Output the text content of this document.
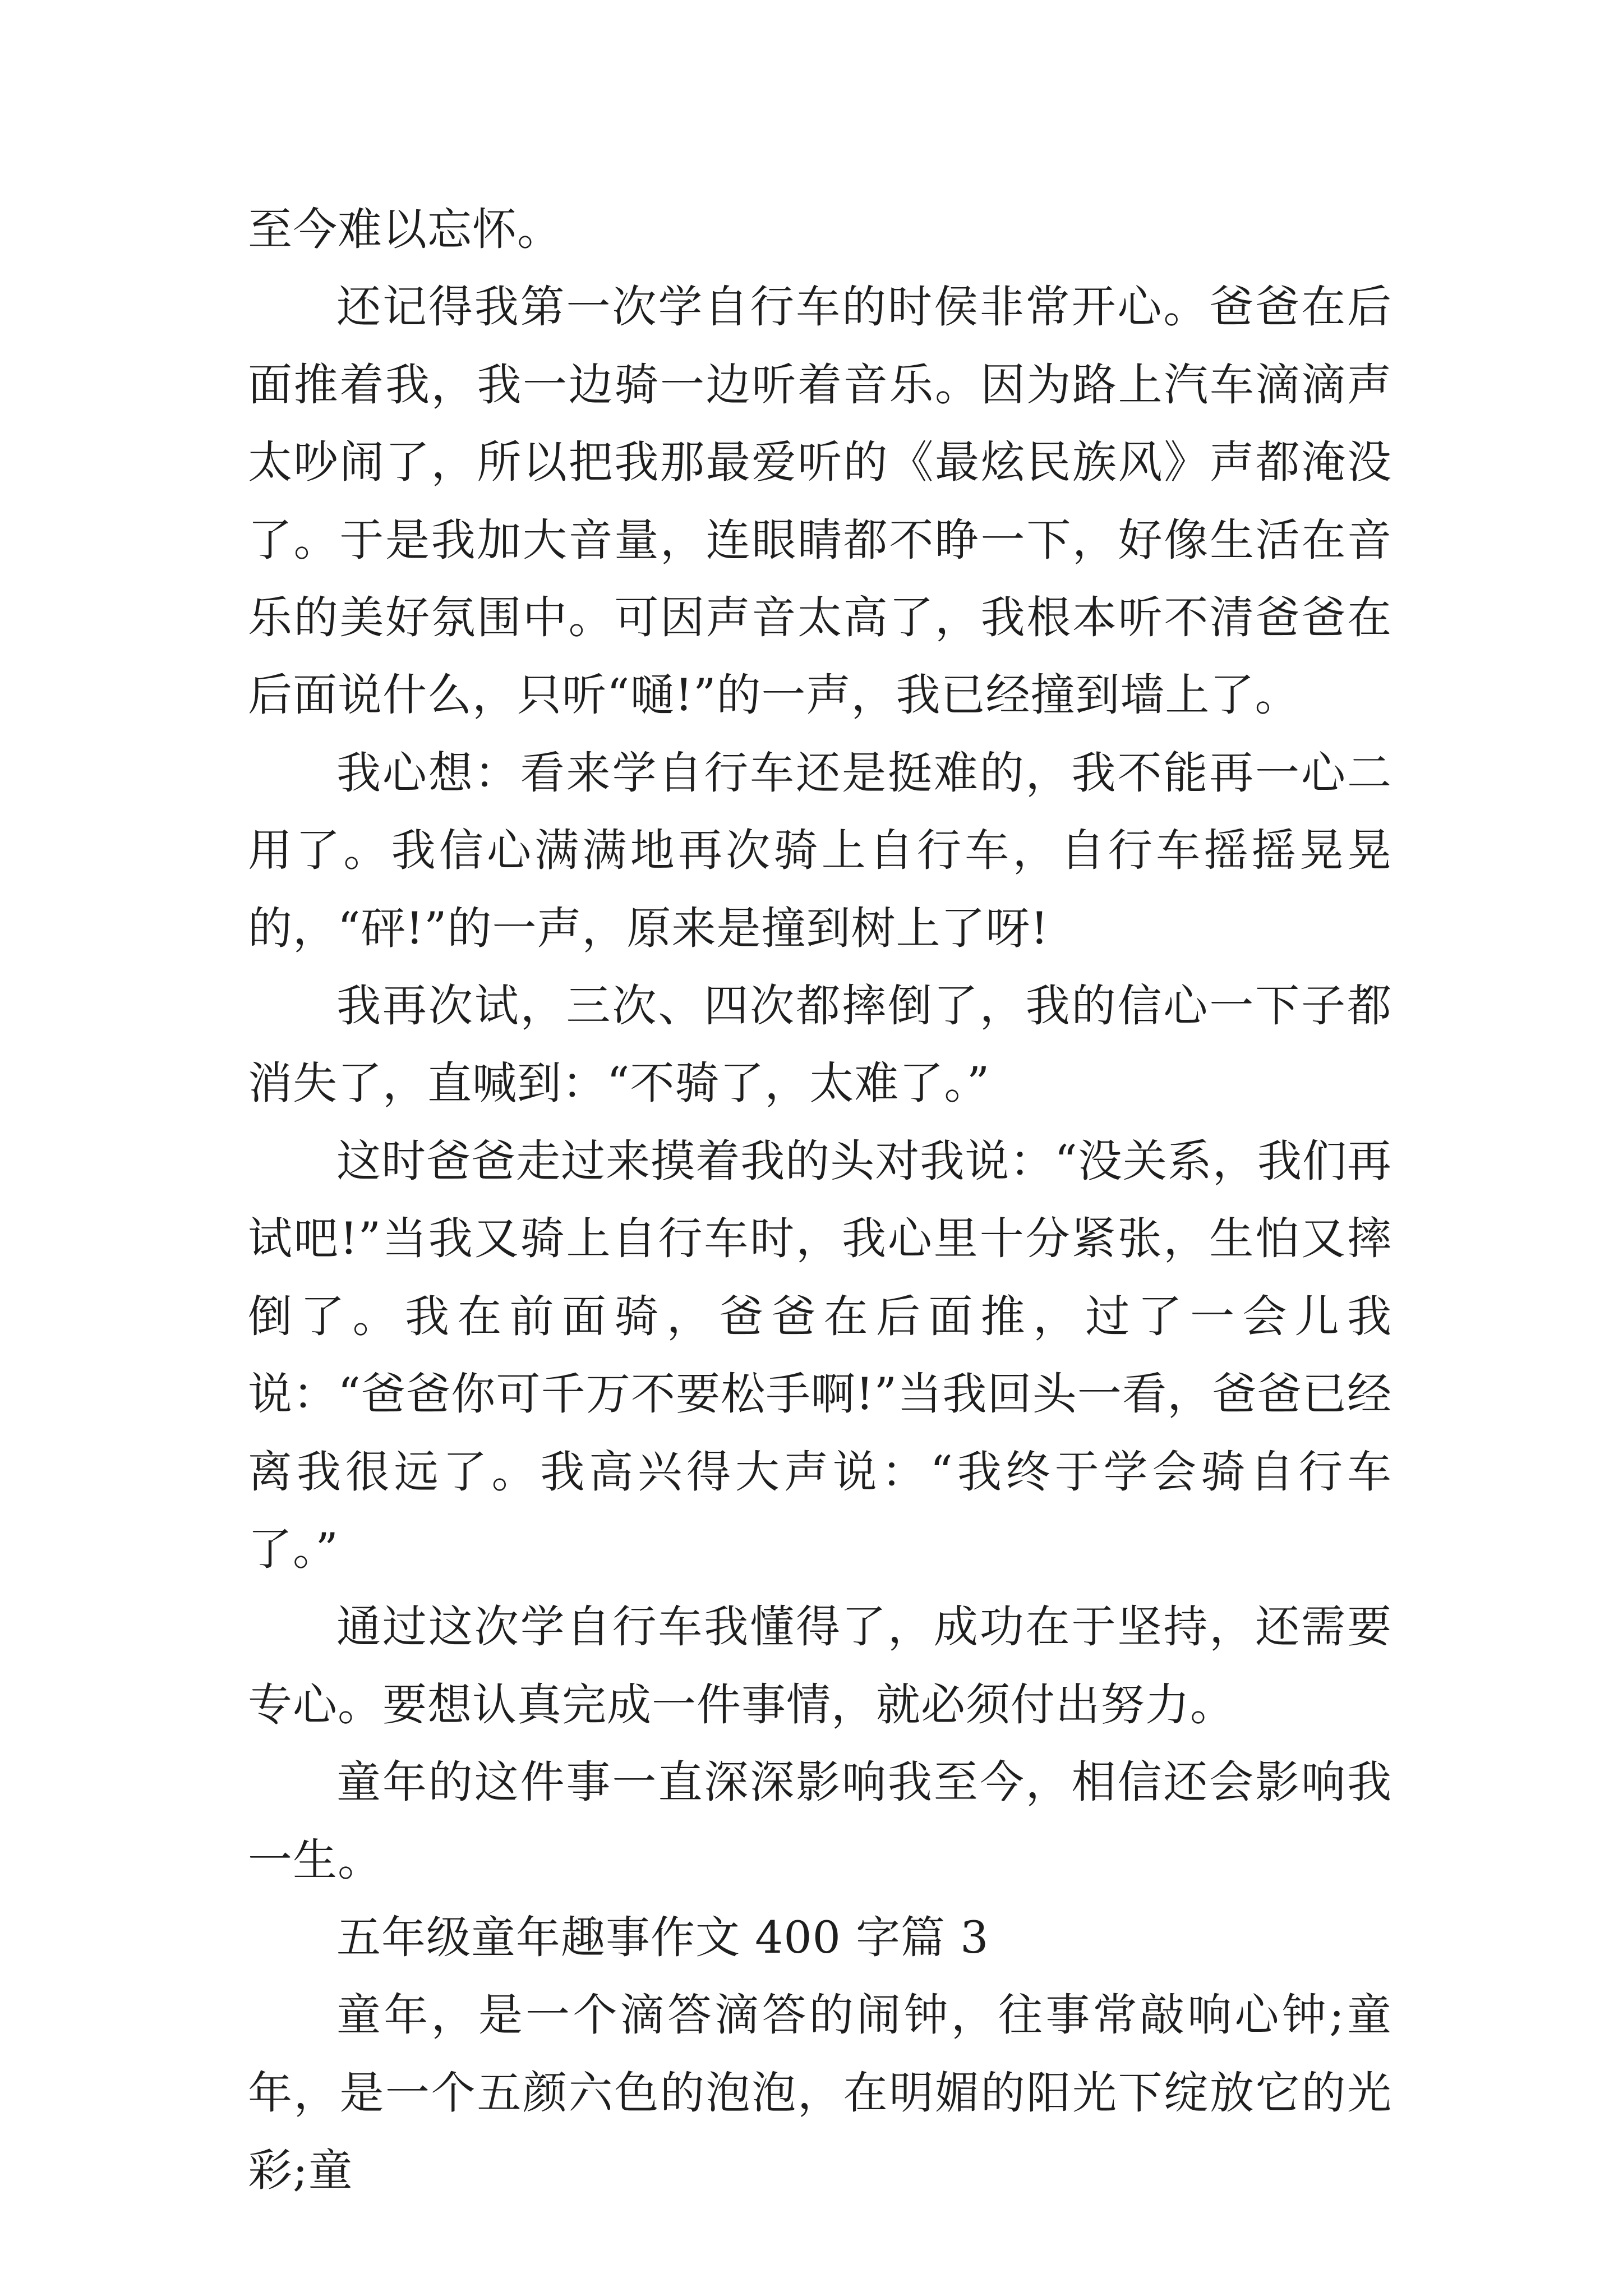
至今难以忘怀。

还记得我第一次学自行车的时侯非常开心。爸爸在后面推着我，我一边骑一边听着音乐。因为路上汽车滴滴声太吵闹了，所以把我那最爱听的《最炫民族风》声都淹没了。于是我加大音量，连眼睛都不睁一下，好像生活在音乐的美好氛围中。可因声音太高了，我根本听不清爸爸在后面说什么，只听“嗵!”的一声，我已经撞到墙上了。

我心想：看来学自行车还是挺难的，我不能再一心二用了。我信心满满地再次骑上自行车，自行车摇摇晃晃的，“砰!”的一声，原来是撞到树上了呀!

我再次试，三次、四次都摔倒了，我的信心一下子都消失了，直喊到：“不骑了，太难了。”

这时爸爸走过来摸着我的头对我说：“没关系，我们再试吧!”当我又骑上自行车时，我心里十分紧张，生怕又摔倒了。我在前面骑，爸爸在后面推，过了一会儿我说：“爸爸你可千万不要松手啊!”当我回头一看，爸爸已经离我很远了。我高兴得大声说：“我终于学会骑自行车了。”

通过这次学自行车我懂得了，成功在于坚持，还需要专心。要想认真完成一件事情，就必须付出努力。

童年的这件事一直深深影响我至今，相信还会影响我一生。

五年级童年趣事作文 400 字篇 3

童年，是一个滴答滴答的闹钟，往事常敲响心钟;童年，是一个五颜六色的泡泡，在明媚的阳光下绽放它的光彩;童
